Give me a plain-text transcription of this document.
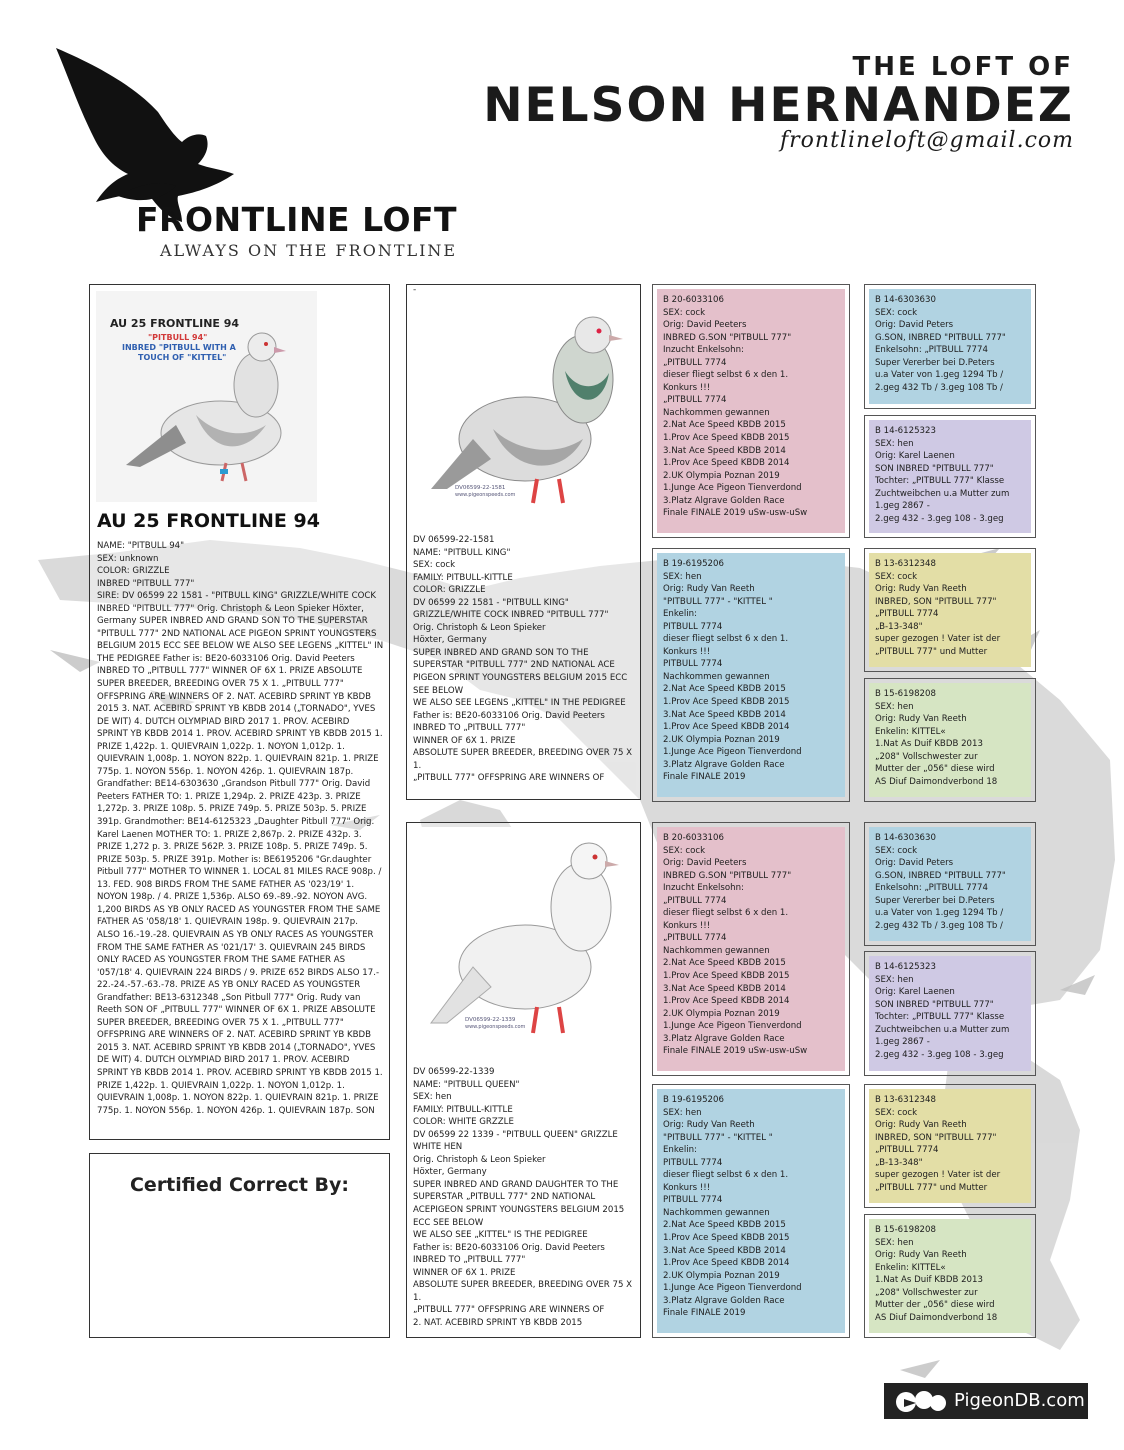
THE LOFT OF
NELSON HERNANDEZ
frontlineloft@gmail.com
FRONTLINE LOFT
ALWAYS ON THE FRONTLINE
AU 25 FRONTLINE 94
"PITBULL 94"
INBRED "PITBULL WITH A
TOUCH OF "KITTEL"
AU 25 FRONTLINE 94

NAME: "PITBULL 94"
SEX: unknown
COLOR: GRIZZLE
INBRED "PITBULL 777"
SIRE: DV 06599 22 1581 - "PITBULL KING" GRIZZLE/WHITE COCK
INBRED "PITBULL 777" Orig. Christoph & Leon Spieker Höxter,
Germany SUPER INBRED AND GRAND SON TO THE SUPERSTAR
"PITBULL 777" 2ND NATIONAL ACE PIGEON SPRINT YOUNGSTERS
BELGIUM 2015 ECC SEE BELOW WE ALSO SEE LEGENS „KITTEL" IN
THE PEDIGREE Father is: BE20-6033106 Orig. David Peeters
INBRED TO „PITBULL 777" WINNER OF 6X 1. PRIZE ABSOLUTE
SUPER BREEDER, BREEDING OVER 75 X 1. „PITBULL 777"
OFFSPRING ARE WINNERS OF 2. NAT. ACEBIRD SPRINT YB KBDB
2015 3. NAT. ACEBIRD SPRINT YB KBDB 2014 („TORNADO", YVES
DE WIT) 4. DUTCH OLYMPIAD BIRD 2017 1. PROV. ACEBIRD
SPRINT YB KBDB 2014 1. PROV. ACEBIRD SPRINT YB KBDB 2015 1.
PRIZE 1,422p. 1. QUIEVRAIN 1,022p. 1. NOYON 1,012p. 1.
QUIEVRAIN 1,008p. 1. NOYON 822p. 1. QUIEVRAIN 821p. 1. PRIZE
775p. 1. NOYON 556p. 1. NOYON 426p. 1. QUIEVRAIN 187p.
Grandfather: BE14-6303630 „Grandson Pitbull 777" Orig. David
Peeters FATHER TO: 1. PRIZE 1,294p. 2. PRIZE 423p. 3. PRIZE
1,272p. 3. PRIZE 108p. 5. PRIZE 749p. 5. PRIZE 503p. 5. PRIZE
391p. Grandmother: BE14-6125323 „Daughter Pitbull 777" Orig.
Karel Laenen MOTHER TO: 1. PRIZE 2,867p. 2. PRIZE 432p. 3.
PRIZE 1,272 p. 3. PRIZE 562P. 3. PRIZE 108p. 5. PRIZE 749p. 5.
PRIZE 503p. 5. PRIZE 391p. Mother is: BE6195206 "Gr.daughter
Pitbull 777" MOTHER TO WINNER 1. LOCAL 81 MILES RACE 908p. /
13. FED. 908 BIRDS FROM THE SAME FATHER AS '023/19' 1.
NOYON 198p. / 4. PRIZE 1,536p. ALSO 69.-89.-92. NOYON AVG.
1,200 BIRDS AS YB ONLY RACED AS YOUNGSTER FROM THE SAME
FATHER AS '058/18' 1. QUIEVRAIN 198p. 9. QUIEVRAIN 217p.
ALSO 16.-19.-28. QUIEVRAIN AS YB ONLY RACES AS YOUNGSTER
FROM THE SAME FATHER AS '021/17' 3. QUIEVRAIN 245 BIRDS
ONLY RACED AS YOUNGSTER FROM THE SAME FATHER AS
'057/18' 4. QUIEVRAIN 224 BIRDS / 9. PRIZE 652 BIRDS ALSO 17.-
22.-24.-57.-63.-78. PRIZE AS YB ONLY RACED AS YOUNGSTER
Grandfather: BE13-6312348 „Son Pitbull 777" Orig. Rudy van
Reeth SON OF „PITBULL 777" WINNER OF 6X 1. PRIZE ABSOLUTE
SUPER BREEDER, BREEDING OVER 75 X 1. „PITBULL 777"
OFFSPRING ARE WINNERS OF 2. NAT. ACEBIRD SPRINT YB KBDB
2015 3. NAT. ACEBIRD SPRINT YB KBDB 2014 („TORNADO", YVES
DE WIT) 4. DUTCH OLYMPIAD BIRD 2017 1. PROV. ACEBIRD
SPRINT YB KBDB 2014 1. PROV. ACEBIRD SPRINT YB KBDB 2015 1.
PRIZE 1,422p. 1. QUIEVRAIN 1,022p. 1. NOYON 1,012p. 1.
QUIEVRAIN 1,008p. 1. NOYON 822p. 1. QUIEVRAIN 821p. 1. PRIZE
775p. 1. NOYON 556p. 1. NOYON 426p. 1. QUIEVRAIN 187p. SON

Certified Correct By:
-
DV06599-22-1581
www.pigeonspeeds.com

DV 06599-22-1581
NAME: "PITBULL KING"
SEX: cock
FAMILY: PITBULL-KITTLE
COLOR: GRIZZLE
DV 06599 22 1581 - "PITBULL KING"
GRIZZLE/WHITE COCK INBRED "PITBULL 777"
Orig. Christoph & Leon Spieker
Höxter, Germany
SUPER INBRED AND GRAND SON TO THE
SUPERSTAR "PITBULL 777" 2ND NATIONAL ACE
PIGEON SPRINT YOUNGSTERS BELGIUM 2015 ECC
SEE BELOW
WE ALSO SEE LEGENS „KITTEL" IN THE PEDIGREE
Father is: BE20-6033106 Orig. David Peeters
INBRED TO „PITBULL 777"
WINNER OF 6X 1. PRIZE
ABSOLUTE SUPER BREEDER, BREEDING OVER 75 X
1.
„PITBULL 777" OFFSPRING ARE WINNERS OF

DV06599-22-1339
www.pigeonspeeds.com

DV 06599-22-1339
NAME: "PITBULL QUEEN"
SEX: hen
FAMILY: PITBULL-KITTLE
COLOR: WHITE GRZZLE
DV 06599 22 1339 - "PITBULL QUEEN" GRIZZLE
WHITE HEN
Orig. Christoph & Leon Spieker
Höxter, Germany
SUPER INBRED AND GRAND DAUGHTER TO THE
SUPERSTAR „PITBULL 777" 2ND NATIONAL
ACEPIGEON SPRINT YOUNGSTERS BELGIUM 2015
ECC SEE BELOW
WE ALSO SEE „KITTEL" IS THE PEDIGREE
Father is: BE20-6033106 Orig. David Peeters
INBRED TO „PITBULL 777"
WINNER OF 6X 1. PRIZE
ABSOLUTE SUPER BREEDER, BREEDING OVER 75 X
1.
„PITBULL 777" OFFSPRING ARE WINNERS OF
2. NAT. ACEBIRD SPRINT YB KBDB 2015

B 20-6033106
SEX: cock
Orig: David Peeters
INBRED G.SON "PITBULL 777"
Inzucht Enkelsohn:
„PITBULL 7774
dieser fliegt selbst 6 x den 1.
Konkurs !!!
„PITBULL 7774
Nachkommen gewannen
2.Nat Ace Speed KBDB 2015
1.Prov Ace Speed KBDB 2015
3.Nat Ace Speed KBDB 2014
1.Prov Ace Speed KBDB 2014
2.UK Olympia Poznan 2019
1.Junge Ace Pigeon Tienverdond
3.Platz Algrave Golden Race
Finale FINALE 2019 uSw-usw-uSw

B 19-6195206
SEX: hen
Orig: Rudy Van Reeth
"PITBULL 777" - "KITTEL "
Enkelin:
PITBULL 7774
dieser fliegt selbst 6 x den 1.
Konkurs !!!
PITBULL 7774
Nachkommen gewannen
2.Nat Ace Speed KBDB 2015
1.Prov Ace Speed KBDB 2015
3.Nat Ace Speed KBDB 2014
1.Prov Ace Speed KBDB 2014
2.UK Olympia Poznan 2019
1.Junge Ace Pigeon Tienverdond
3.Platz Algrave Golden Race
Finale FINALE 2019

B 20-6033106
SEX: cock
Orig: David Peeters
INBRED G.SON "PITBULL 777"
Inzucht Enkelsohn:
„PITBULL 7774
dieser fliegt selbst 6 x den 1.
Konkurs !!!
„PITBULL 7774
Nachkommen gewannen
2.Nat Ace Speed KBDB 2015
1.Prov Ace Speed KBDB 2015
3.Nat Ace Speed KBDB 2014
1.Prov Ace Speed KBDB 2014
2.UK Olympia Poznan 2019
1.Junge Ace Pigeon Tienverdond
3.Platz Algrave Golden Race
Finale FINALE 2019 uSw-usw-uSw

B 19-6195206
SEX: hen
Orig: Rudy Van Reeth
"PITBULL 777" - "KITTEL "
Enkelin:
PITBULL 7774
dieser fliegt selbst 6 x den 1.
Konkurs !!!
PITBULL 7774
Nachkommen gewannen
2.Nat Ace Speed KBDB 2015
1.Prov Ace Speed KBDB 2015
3.Nat Ace Speed KBDB 2014
1.Prov Ace Speed KBDB 2014
2.UK Olympia Poznan 2019
1.Junge Ace Pigeon Tienverdond
3.Platz Algrave Golden Race
Finale FINALE 2019

B 14-6303630
SEX: cock
Orig: David Peters
G.SON, INBRED "PITBULL 777"
Enkelsohn: „PITBULL 7774
Super Vererber bei D.Peters
u.a Vater von 1.geg 1294 Tb /
2.geg 432 Tb / 3.geg 108 Tb /

B 14-6125323
SEX: hen
Orig: Karel Laenen
SON INBRED "PITBULL 777"
Tochter: „PITBULL 777" Klasse
Zuchtweibchen u.a Mutter zum
1.geg 2867 -
2.geg 432 - 3.geg 108 - 3.geg

B 13-6312348
SEX: cock
Orig: Rudy Van Reeth
INBRED, SON "PITBULL 777"
„PITBULL 7774
„B-13-348"
super gezogen ! Vater ist der
„PITBULL 777" und Mutter

B 15-6198208
SEX: hen
Orig: Rudy Van Reeth
Enkelin: KITTEL«
1.Nat As Duif KBDB 2013
„208" Vollschwester zur
Mutter der „056" diese wird
AS Diuf Daimondverbond 18

B 14-6303630
SEX: cock
Orig: David Peters
G.SON, INBRED "PITBULL 777"
Enkelsohn: „PITBULL 7774
Super Vererber bei D.Peters
u.a Vater von 1.geg 1294 Tb /
2.geg 432 Tb / 3.geg 108 Tb /

B 14-6125323
SEX: hen
Orig: Karel Laenen
SON INBRED "PITBULL 777"
Tochter: „PITBULL 777" Klasse
Zuchtweibchen u.a Mutter zum
1.geg 2867 -
2.geg 432 - 3.geg 108 - 3.geg

B 13-6312348
SEX: cock
Orig: Rudy Van Reeth
INBRED, SON "PITBULL 777"
„PITBULL 7774
„B-13-348"
super gezogen ! Vater ist der
„PITBULL 777" und Mutter

B 15-6198208
SEX: hen
Orig: Rudy Van Reeth
Enkelin: KITTEL«
1.Nat As Duif KBDB 2013
„208" Vollschwester zur
Mutter der „056" diese wird
AS Diuf Daimondverbond 18

PigeonDB.com
